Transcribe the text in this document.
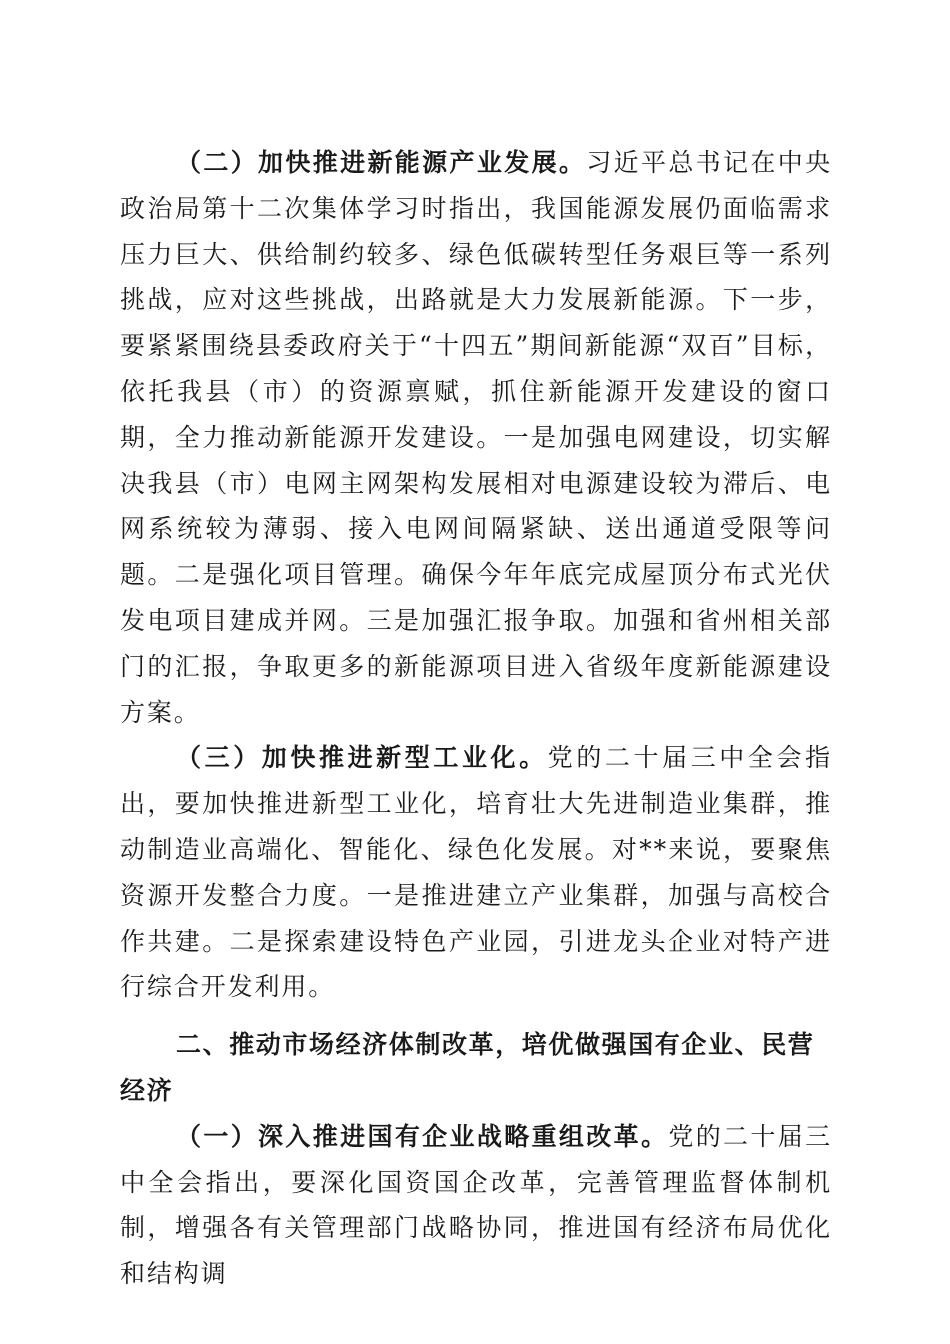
（二）加快推进新能源产业发展。习近平总书记在中央政治局第十二次集体学习时指出，我国能源发展仍面临需求压力巨大、供给制约较多、绿色低碳转型任务艰巨等一系列挑战，应对这些挑战，出路就是大力发展新能源。下一步，要紧紧围绕县委政府关于“十四五”期间新能源“双百”目标，依托我县（市）的资源禀赋，抓住新能源开发建设的窗口期，全力推动新能源开发建设。一是加强电网建设，切实解决我县（市）电网主网架构发展相对电源建设较为滞后、电网系统较为薄弱、接入电网间隔紧缺、送出通道受限等问题。二是强化项目管理。确保今年年底完成屋顶分布式光伏发电项目建成并网。三是加强汇报争取。加强和省州相关部门的汇报，争取更多的新能源项目进入省级年度新能源建设方案。

（三）加快推进新型工业化。党的二十届三中全会指出，要加快推进新型工业化，培育壮大先进制造业集群，推动制造业高端化、智能化、绿色化发展。对**来说，要聚焦资源开发整合力度。一是推进建立产业集群，加强与高校合作共建。二是探索建设特色产业园，引进龙头企业对特产进行综合开发利用。

二、推动市场经济体制改革，培优做强国有企业、民营经济

（一）深入推进国有企业战略重组改革。党的二十届三中全会指出，要深化国资国企改革，完善管理监督体制机制，增强各有关管理部门战略协同，推进国有经济布局优化和结构调
